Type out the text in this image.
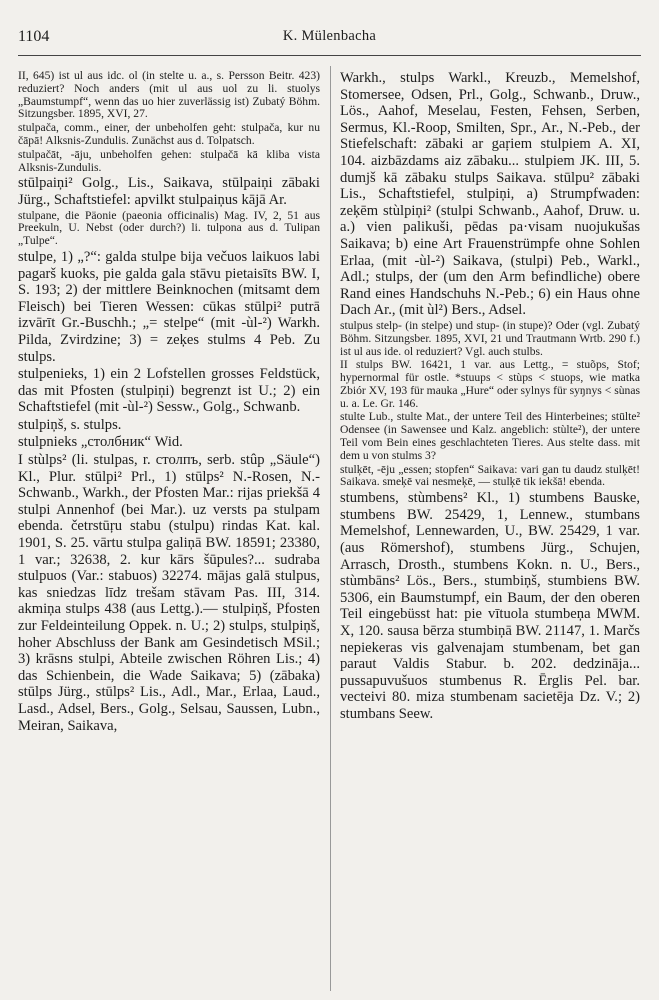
1104	K. Mülenbacha

II, 645) ist ul aus idc. ol (in stelte u. a., s. Persson Beitr. 423) reduziert? Noch anders (mit ul aus uol zu li. stuolys „Baumstumpf“, wenn das uo hier zuverlässig ist) Zubatý Böhm. Sitzungsber. 1895, XVI, 27.

stulpača, comm., einer, der unbeholfen geht: stulpača, kur nu čāpā! Alksnis-Zundulis. Zunächst aus d. Tolpatsch.

stulpačāt, -āju, unbeholfen gehen: stulpačā kā kliba vista Alksnis-Zundulis.

stūlpaiņi² Golg., Lis., Saikava, stūlpaiņi zābaki Jürg., Schaftstiefel: apvilkt stulpaiņus kājā Ar.

stulpane, die Päonie (paeonia officinalis) Mag. IV, 2, 51 aus Preekuln, U. Nebst (oder durch?) li. tulpona aus d. Tulipan „Tulpe“.

stulpe, 1) „?“: galda stulpe bija večuos laikuos labi pagarš kuoks, pie galda gala stāvu pietaisīts BW. I, S. 193; 2) der mittlere Beinknochen (mitsamt dem Fleisch) bei Tieren Wessen: cūkas stūlpi² putrā izvārīt Gr.-Buschh.; „= stelpe“ (mit -ùl-²) Warkh. Pilda, Zvirdzine; 3) = zeķes stulms 4 Peb. Zu stulps.

stulpenieks, 1) ein 2 Lofstellen grosses Feldstück, das mit Pfosten (stulpiņi) begrenzt ist U.; 2) ein Schaftstiefel (mit -ùl-²) Sessw., Golg., Schwanb.

stulpiņš, s. stulps.

stulpnieks „столбник“ Wid.

I stùlps² (li. stulpas, r. столпъ, serb. stûp „Säule“) Kl., Plur. stūlpi² Prl., 1) stūlps² N.-Rosen, N.-Schwanb., Warkh., der Pfosten Mar.: rijas priekšā 4 stulpi Annenhof (bei Mar.). uz versts pa stulpam ebenda. četrstūŗu stabu (stulpu) rindas Kat. kal. 1901, S. 25. vārtu stulpa galiņā BW. 18591; 23380, 1 var.; 32638, 2. kur kārs šūpules?... sudraba stulpuos (Var.: stabuos) 32274. mājas galā stulpus, kas sniedzas līdz trešam stāvam Pas. III, 314. akmiņa stulps 438 (aus Lettg.).— stulpiņš, Pfosten zur Feldeinteilung Oppek. n. U.; 2) stulps, stulpiņš, hoher Abschluss der Bank am Gesindetisch MSil.; 3) krāsns stulpi, Abteile zwischen Röhren Lis.; 4) das Schienbein, die Wade Saikava; 5) (zābaka) stūlps Jürg., stūlps² Lis., Adl., Mar., Erlaa, Laud., Lasd., Adsel, Bers., Golg., Selsau, Saussen, Lubn., Meiran, Saikava,

Warkh., stulps Warkl., Kreuzb., Memelshof, Stomersee, Odsen, Prl., Golg., Schwanb., Druw., Lös., Aahof, Meselau, Festen, Fehsen, Serben, Sermus, Kl.-Roop, Smilten, Spr., Ar., N.-Peb., der Stiefelschaft: zābaki ar gaŗiem stulpiem A. XI, 104. aizbāzdams aiz zābaku... stulpiem JK. III, 5. dumjš kā zābaku stulps Saikava. stūlpu² zābaki Lis., Schaftstiefel, stulpiņi, a) Strumpfwaden: zeķēm stùlpiņi² (stulpi Schwanb., Aahof, Druw. u. a.) vien palikuši, pēdas pa·visam nuojukušas Saikava; b) eine Art Frauenstrümpfe ohne Sohlen Erlaa, (mit -ùl-²) Saikava, (stulpi) Peb., Warkl., Adl.; stulps, der (um den Arm befindliche) obere Rand eines Handschuhs N.-Peb.; 6) ein Haus ohne Dach Ar., (mit ùl²) Bers., Adsel.

stulpus stelp- (in stelpe) und stup- (in stupe)? Oder (vgl. Zubatý Böhm. Sitzungsber. 1895, XVI, 21 und Trautmann Wrtb. 290 f.) ist ul aus ide. ol reduziert? Vgl. auch stulbs.

II stulps BW. 16421, 1 var. aus Lettg., = stuõps, Stof; hypernormal für ostle. *stuups < stùps < stuops, wie matka Zbiór XV, 193 für mauka „Hure“ oder sylnys für syŋnys < sùnas u. a. Le. Gr. 146.

stulte Lub., stulte Mat., der untere Teil des Hinterbeines; stūlte² Odensee (in Sawensee und Kalz. angeblich: stùlte²), der untere Teil vom Bein eines geschlachteten Tieres. Aus stelte dass. mit dem u von stulms 3?

stulķēt, -ēju „essen; stopfen“ Saikava: vari gan tu daudz stulķēt! Saikava. smeķē vai nesmeķē, — stulķē tik iekšā! ebenda.

stumbens, stùmbens² Kl., 1) stumbens Bauske, stumbens BW. 25429, 1, Lennew., stumbans Memelshof, Lennewarden, U., BW. 25429, 1 var. (aus Römershof), stumbens Jürg., Schujen, Arrasch, Drosth., stumbens Kokn. n. U., Bers., stùmbāns² Lös., Bers., stumbiņš, stumbiens BW. 5306, ein Baumstumpf, ein Baum, der den oberen Teil eingebüsst hat: pie vītuola stumbeņa MWM. X, 120. sausa bērza stumbiņā BW. 21147, 1. Marčs nepiekeras vis galvenajam stumbenam, bet gan paraut Valdis Stabur. b. 202. dedzināja... pussapuvušuos stumbenus R. Ērglis Pel. bar. vecteivi 80. miza stumbenam sacietēja Dz. V.; 2) stumbans Seew.
